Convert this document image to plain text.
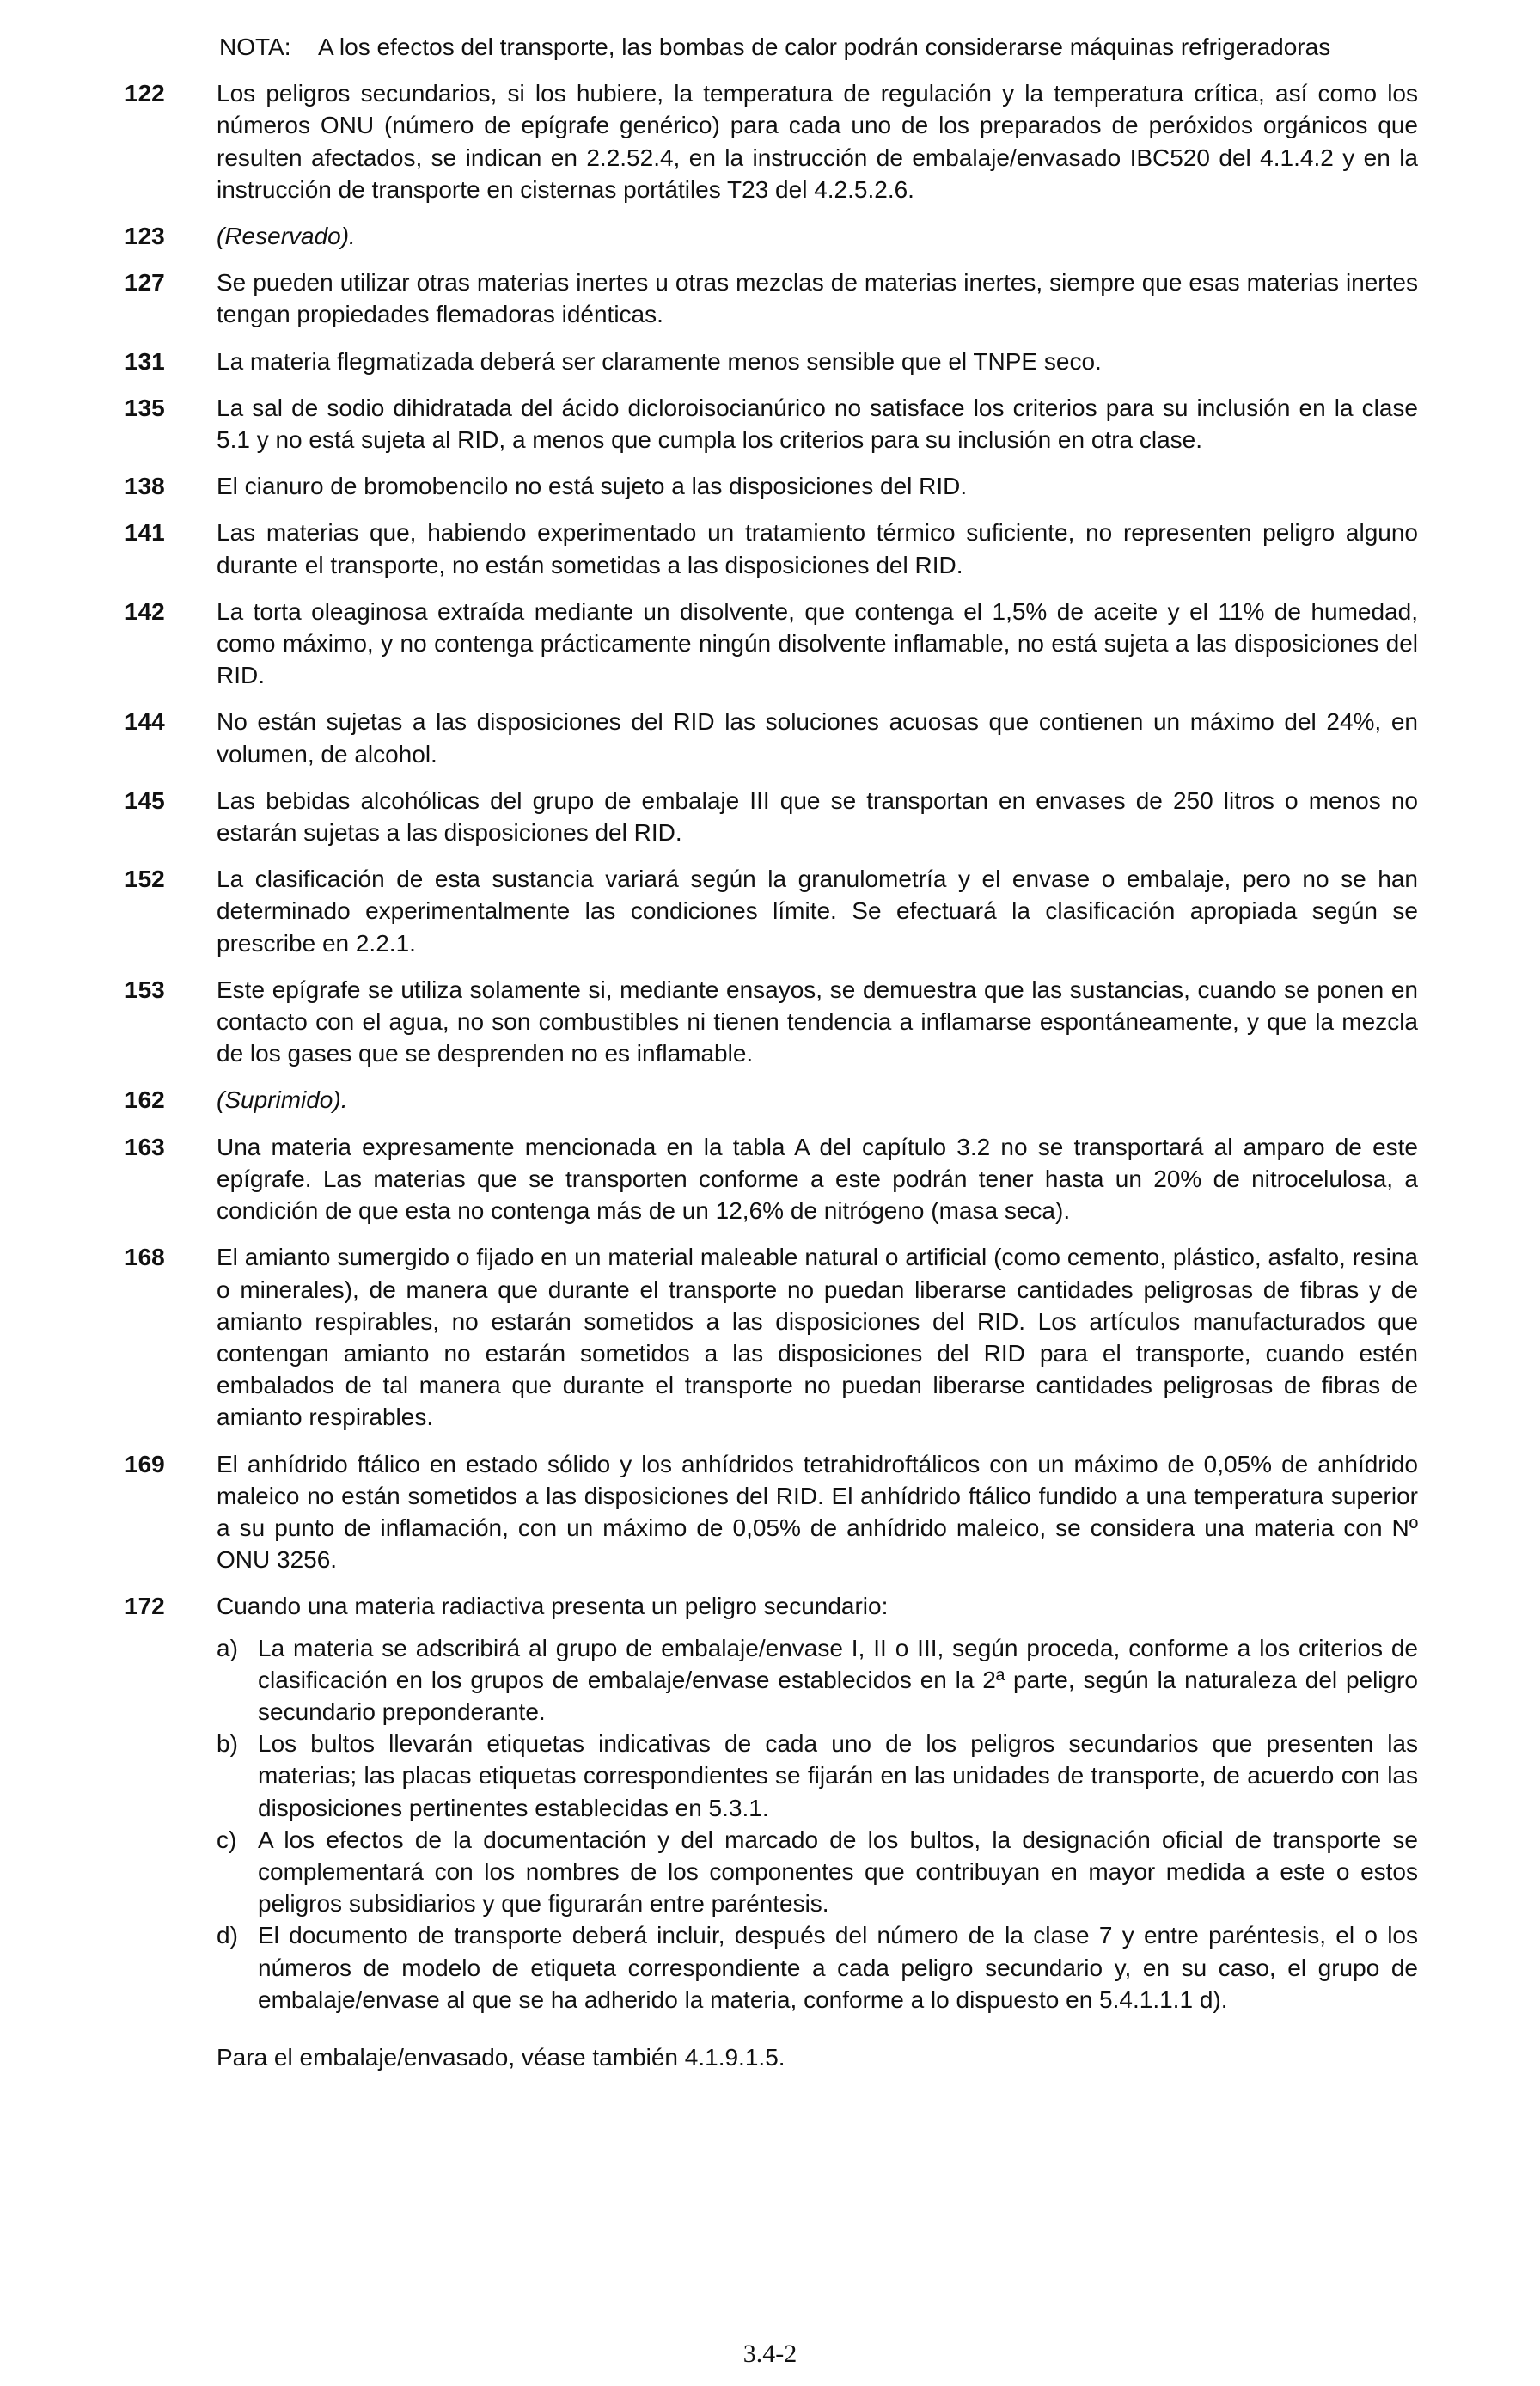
NOTA:	A los efectos del transporte, las bombas de calor podrán considerarse máquinas refrigeradoras
122	Los peligros secundarios, si los hubiere, la temperatura de regulación y la temperatura crítica, así como los números ONU (número de epígrafe genérico) para cada uno de los preparados de peróxidos orgánicos que resulten afectados, se indican en 2.2.52.4, en la instrucción de embalaje/envasado IBC520 del 4.1.4.2 y en la instrucción de transporte en cisternas portátiles T23 del 4.2.5.2.6.
123	(Reservado).
127	Se pueden utilizar otras materias inertes u otras mezclas de materias inertes, siempre que esas materias inertes tengan propiedades flemadoras idénticas.
131	La materia flegmatizada deberá ser claramente menos sensible que el TNPE seco.
135	La sal de sodio dihidratada del ácido dicloroisocianúrico no satisface los criterios para su inclusión en la clase 5.1 y no está sujeta al RID, a menos que cumpla los criterios para su inclusión en otra clase.
138	El cianuro de bromobencilo no está sujeto a las disposiciones del RID.
141	Las materias que, habiendo experimentado un tratamiento térmico suficiente, no representen peligro alguno durante el transporte, no están sometidas a las disposiciones del RID.
142	La torta oleaginosa extraída mediante un disolvente, que contenga el 1,5% de aceite y el 11% de humedad, como máximo, y no contenga prácticamente ningún disolvente inflamable, no está sujeta a las disposiciones del RID.
144	No están sujetas a las disposiciones del RID las soluciones acuosas que contienen un máximo del 24%, en volumen, de alcohol.
145	Las bebidas alcohólicas del grupo de embalaje III que se transportan en envases de 250 litros o menos no estarán sujetas a las disposiciones del RID.
152	La clasificación de esta sustancia variará según la granulometría y el envase o embalaje, pero no se han determinado experimentalmente las condiciones límite. Se efectuará la clasificación apropiada según se prescribe en 2.2.1.
153	Este epígrafe se utiliza solamente si, mediante ensayos, se demuestra que las sustancias, cuando se ponen en contacto con el agua, no son combustibles ni tienen tendencia a inflamarse espontáneamente, y que la mezcla de los gases que se desprenden no es inflamable.
162	(Suprimido).
163	Una materia expresamente mencionada en la tabla A del capítulo 3.2 no se transportará al amparo de este epígrafe. Las materias que se transporten conforme a este podrán tener hasta un 20% de nitrocelulosa, a condición de que esta no contenga más de un 12,6% de nitrógeno (masa seca).
168	El amianto sumergido o fijado en un material maleable natural o artificial (como cemento, plástico, asfalto, resina o minerales), de manera que durante el transporte no puedan liberarse cantidades peligrosas de fibras y de amianto respirables, no estarán sometidos a las disposiciones del RID. Los artículos manufacturados que contengan amianto no estarán sometidos a las disposiciones del RID para el transporte, cuando estén embalados de tal manera que durante el transporte no puedan liberarse cantidades peligrosas de fibras de amianto respirables.
169	El anhídrido ftálico en estado sólido y los anhídridos tetrahidroftálicos con un máximo de 0,05% de anhídrido maleico no están sometidos a las disposiciones del RID. El anhídrido ftálico fundido a una temperatura superior a su punto de inflamación, con un máximo de 0,05% de anhídrido maleico, se considera una materia con Nº ONU 3256.
172	Cuando una materia radiactiva presenta un peligro secundario:
a) La materia se adscribirá al grupo de embalaje/envase I, II o III, según proceda, conforme a los criterios de clasificación en los grupos de embalaje/envase establecidos en la 2ª parte, según la naturaleza del peligro secundario preponderante.
b) Los bultos llevarán etiquetas indicativas de cada uno de los peligros secundarios que presenten las materias; las placas etiquetas correspondientes se fijarán en las unidades de transporte, de acuerdo con las disposiciones pertinentes establecidas en 5.3.1.
c) A los efectos de la documentación y del marcado de los bultos, la designación oficial de transporte se complementará con los nombres de los componentes que contribuyan en mayor medida a este o estos peligros subsidiarios y que figurarán entre paréntesis.
d) El documento de transporte deberá incluir, después del número de la clase 7 y entre paréntesis, el o los números de modelo de etiqueta correspondiente a cada peligro secundario y, en su caso, el grupo de embalaje/envase al que se ha adherido la materia, conforme a lo dispuesto en 5.4.1.1.1 d).
Para el embalaje/envasado, véase también 4.1.9.1.5.
3.4-2
